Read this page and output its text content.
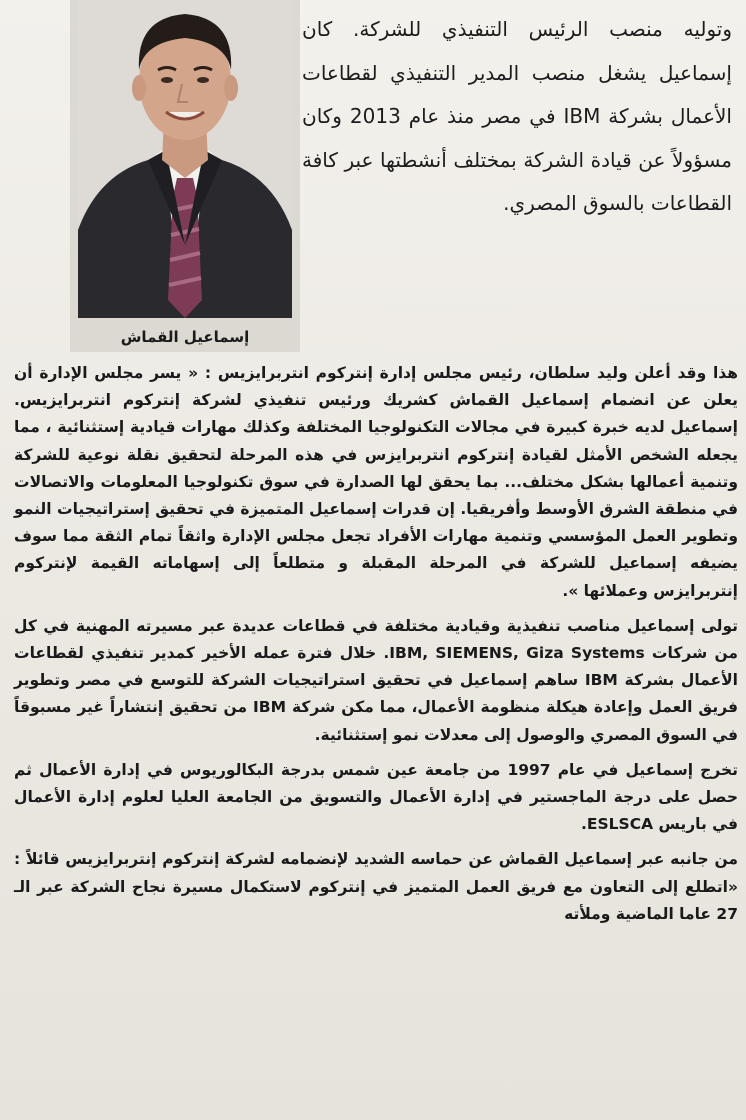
إسماعيل القماش
وتوليه منصب الرئيس التنفيذي للشركة. كان إسماعيل يشغل منصب المدير التنفيذي لقطاعات الأعمال بشركة IBM في مصر منذ عام 2013 وكان مسؤولاً عن قيادة الشركة بمختلف أنشطتها عبر كافة القطاعات بالسوق المصري.

هذا وقد أعلن وليد سلطان، رئيس مجلس إدارة إنتركوم انتربرايزيس : « يسر مجلس الإدارة أن يعلن عن انضمام إسماعيل القماش كشريك ورئيس تنفيذي لشركة إنتركوم انتربرايزيس. إسماعيل لديه خبرة كبيرة في مجالات التكنولوجيا المختلفة وكذلك مهارات قيادية إستثنائية ، مما يجعله الشخص الأمثل لقيادة إنتركوم انتربرايزس في هذه المرحلة لتحقيق نقلة نوعية للشركة وتنمية أعمالها بشكل مختلف... بما يحقق لها الصدارة في سوق تكنولوجيا المعلومات والاتصالات في منطقة الشرق الأوسط وأفريقيا. إن قدرات إسماعيل المتميزة في تحقيق إستراتيجيات النمو وتطوير العمل المؤسسي وتنمية مهارات الأفراد تجعل مجلس الإدارة واثقاً تمام الثقة مما سوف يضيفه إسماعيل للشركة في المرحلة المقبلة و متطلعاً إلى إسهاماته القيمة لإنتركوم إنتربرايزس وعملائها ».

تولى إسماعيل مناصب تنفيذية وقيادية مختلفة في قطاعات عديدة عبر مسيرته المهنية في كل من شركات IBM, SIEMENS, Giza Systems. خلال فترة عمله الأخير كمدير تنفيذي لقطاعات الأعمال بشركة IBM ساهم إسماعيل في تحقيق استراتيجيات الشركة للتوسع في مصر وتطوير فريق العمل وإعادة هيكلة منظومة الأعمال، مما مكن شركة IBM من تحقيق إنتشاراً غير مسبوقاً في السوق المصري والوصول إلى معدلات نمو إستثنائية.

تخرج إسماعيل في عام 1997 من جامعة عين شمس بدرجة البكالوريوس في إدارة الأعمال ثم حصل على درجة الماجستير في إدارة الأعمال والتسويق من الجامعة العليا لعلوم إدارة الأعمال في باريس ESLSCA.

من جانبه عبر إسماعيل القماش عن حماسه الشديد لإنضمامه لشركة إنتركوم إنتربرايزيس قائلاً : «اتطلع إلى التعاون مع فريق العمل المتميز في إنتركوم لاستكمال مسيرة نجاح الشركة عبر الـ 27 عاما الماضية وملأته
